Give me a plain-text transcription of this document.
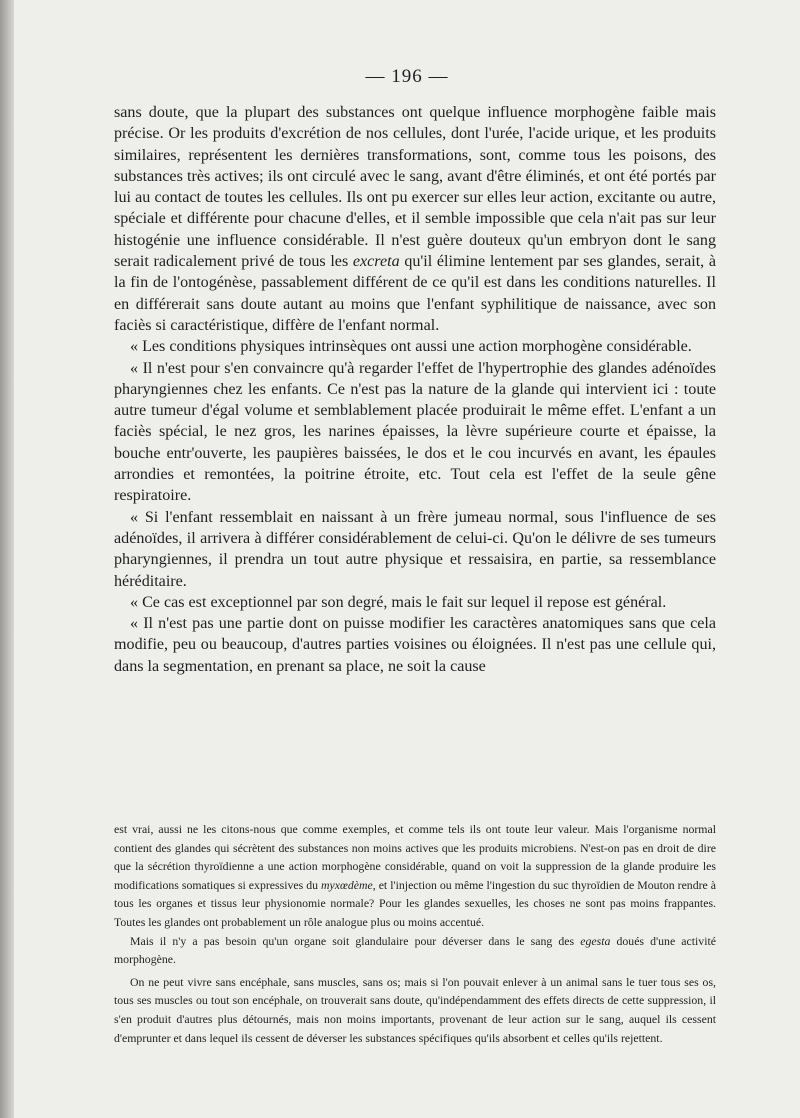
— 196 —

sans doute, que la plupart des substances ont quelque influence morphogène faible mais précise. Or les produits d'excrétion de nos cellules, dont l'urée, l'acide urique, et les produits similaires, représentent les dernières transformations, sont, comme tous les poisons, des substances très actives; ils ont circulé avec le sang, avant d'être éliminés, et ont été portés par lui au contact de toutes les cellules. Ils ont pu exercer sur elles leur action, excitante ou autre, spéciale et différente pour chacune d'elles, et il semble impossible que cela n'ait pas sur leur histogénie une influence considérable. Il n'est guère douteux qu'un embryon dont le sang serait radicalement privé de tous les excreta qu'il élimine lentement par ses glandes, serait, à la fin de l'ontogénèse, passablement différent de ce qu'il est dans les conditions naturelles. Il en différerait sans doute autant au moins que l'enfant syphilitique de naissance, avec son faciès si caractéristique, diffère de l'enfant normal.

« Les conditions physiques intrinsèques ont aussi une action morphogène considérable.

« Il n'est pour s'en convaincre qu'à regarder l'effet de l'hypertrophie des glandes adénoïdes pharyngiennes chez les enfants. Ce n'est pas la nature de la glande qui intervient ici : toute autre tumeur d'égal volume et semblablement placée produirait le même effet. L'enfant a un faciès spécial, le nez gros, les narines épaisses, la lèvre supérieure courte et épaisse, la bouche entr'ouverte, les paupières baissées, le dos et le cou incurvés en avant, les épaules arrondies et remontées, la poitrine étroite, etc. Tout cela est l'effet de la seule gêne respiratoire.

« Si l'enfant ressemblait en naissant à un frère jumeau normal, sous l'influence de ses adénoïdes, il arrivera à différer considérablement de celui-ci. Qu'on le délivre de ses tumeurs pharyngiennes, il prendra un tout autre physique et ressaisira, en partie, sa ressemblance héréditaire.

« Ce cas est exceptionnel par son degré, mais le fait sur lequel il repose est général.

« Il n'est pas une partie dont on puisse modifier les caractères anatomiques sans que cela modifie, peu ou beaucoup, d'autres parties voisines ou éloignées. Il n'est pas une cellule qui, dans la segmentation, en prenant sa place, ne soit la cause

est vrai, aussi ne les citons-nous que comme exemples, et comme tels ils ont toute leur valeur. Mais l'organisme normal contient des glandes qui sécrètent des substances non moins actives que les produits microbiens. N'est-on pas en droit de dire que la sécrétion thyroïdienne a une action morphogène considérable, quand on voit la suppression de la glande produire les modifications somatiques si expressives du myxœdème, et l'injection ou même l'ingestion du suc thyroïdien de Mouton rendre à tous les organes et tissus leur physionomie normale? Pour les glandes sexuelles, les choses ne sont pas moins frappantes. Toutes les glandes ont probablement un rôle analogue plus ou moins accentué.

Mais il n'y a pas besoin qu'un organe soit glandulaire pour déverser dans le sang des egesta doués d'une activité morphogène.

On ne peut vivre sans encéphale, sans muscles, sans os; mais si l'on pouvait enlever à un animal sans le tuer tous ses os, tous ses muscles ou tout son encéphale, on trouverait sans doute, qu'indépendamment des effets directs de cette suppression, il s'en produit d'autres plus détournés, mais non moins importants, provenant de leur action sur le sang, auquel ils cessent d'emprunter et dans lequel ils cessent de déverser les substances spécifiques qu'ils absorbent et celles qu'ils rejettent.
